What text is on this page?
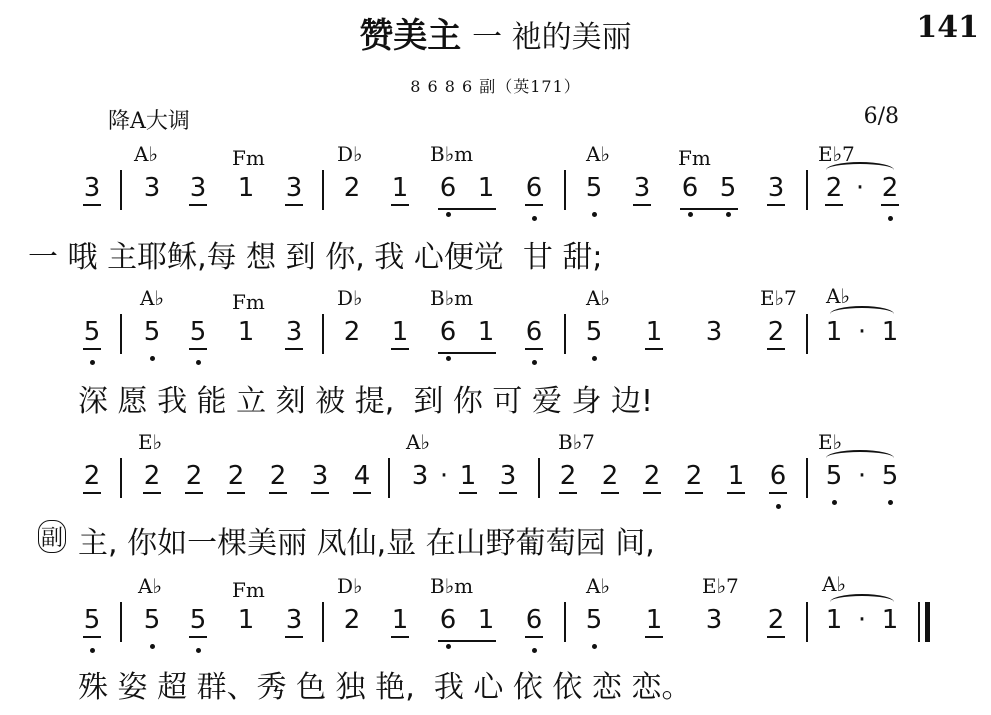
赞美主 一 祂的美丽	141
8 6 8 6 副（英171）
降A大调	6/8
A♭	Fm	D♭	B♭m	A♭	Fm	E♭7
3 3 3 1 3 2 1 6 1 6 5 3 6 5 3 2 · 2
一 哦 主耶稣,每 想 到 你, 我 心便觉  甘 甜;
A♭	Fm	D♭	B♭m	A♭	E♭7 A♭
5 5 5 1 3 2 1 6 1 6 5 1 3 2 1 · 1
深 愿 我 能 立 刻 被 提,  到 你 可 爱 身 边!
E♭	A♭	B♭7	E♭
2 2 2 2 2 3 4 3 · 1 3 2 2 2 2 1 6 5 · 5
副 主, 你如一棵美丽 凤仙,显 在山野葡萄园 间,
A♭	Fm	D♭	B♭m	A♭	E♭7	A♭
5 5 5 1 3 2 1 6 1 6 5 1 3 2 1 · 1
殊 姿 超 群、秀 色 独 艳,  我 心 依 依 恋 恋。
